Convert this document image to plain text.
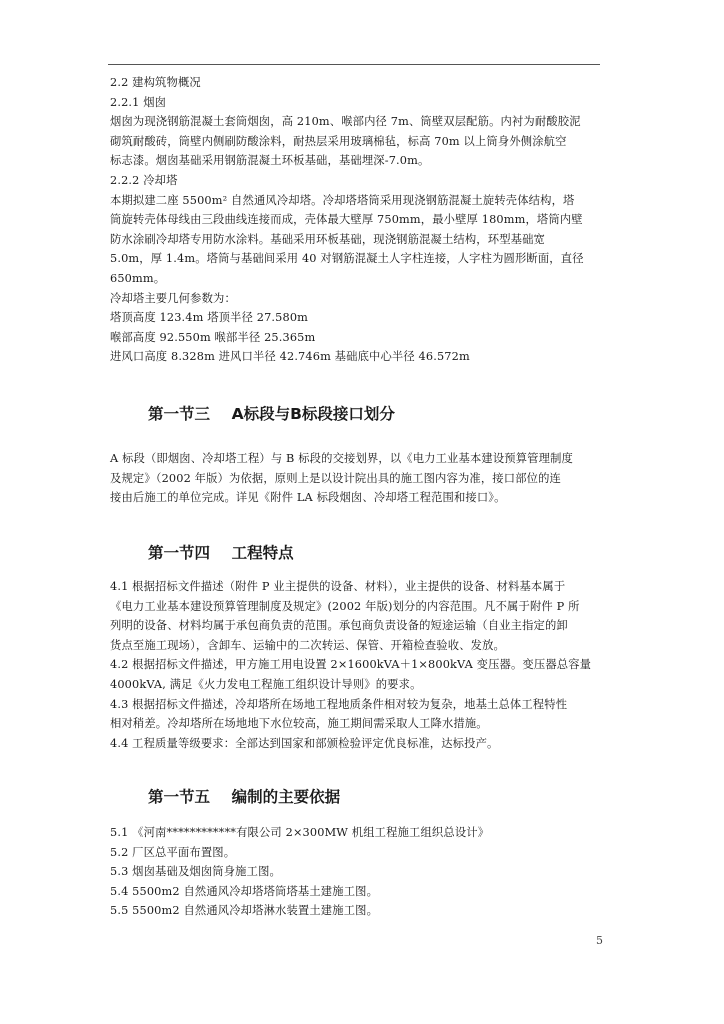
2.2 建构筑物概况
2.2.1 烟囱
烟囱为现浇钢筋混凝土套筒烟囱，高 210m、喉部内径 7m、筒壁双层配筋。内衬为耐酸胶泥
砌筑耐酸砖，筒壁内侧刷防酸涂料，耐热层采用玻璃棉毡，标高 70m 以上筒身外侧涂航空
标志漆。烟囱基础采用钢筋混凝土环板基础，基础埋深-7.0m。
2.2.2 冷却塔
本期拟建二座 5500m² 自然通风冷却塔。冷却塔塔筒采用现浇钢筋混凝土旋转壳体结构，塔
筒旋转壳体母线由三段曲线连接而成，壳体最大壁厚 750mm，最小壁厚 180mm，塔筒内壁
防水涂刷冷却塔专用防水涂料。基础采用环板基础，现浇钢筋混凝土结构，环型基础宽
5.0m，厚 1.4m。塔筒与基础间采用 40 对钢筋混凝土人字柱连接，人字柱为圆形断面，直径
650mm。
冷却塔主要几何参数为：
塔顶高度 123.4m 塔顶半径 27.580m
喉部高度 92.550m 喉部半径 25.365m
进风口高度 8.328m 进风口半径 42.746m 基础底中心半径 46.572m
第一节三    A标段与B标段接口划分
A 标段（即烟囱、冷却塔工程）与 B 标段的交接划界，以《电力工业基本建设预算管理制度
及规定》（2002 年版）为依据，原则上是以设计院出具的施工图内容为准，接口部位的连
接由后施工的单位完成。详见《附件 LA 标段烟囱、冷却塔工程范围和接口》。
第一节四    工程特点
4.1 根据招标文件描述（附件 P 业主提供的设备、材料），业主提供的设备、材料基本属于
《电力工业基本建设预算管理制度及规定》(2002 年版)划分的内容范围。凡不属于附件 P 所
列明的设备、材料均属于承包商负责的范围。承包商负责设备的短途运输（自业主指定的卸
货点至施工现场），含卸车、运输中的二次转运、保管、开箱检查验收、发放。
4.2 根据招标文件描述，甲方施工用电设置 2×1600kVA＋1×800kVA 变压器。变压器总容量
4000kVA, 满足《火力发电工程施工组织设计导则》的要求。
4.3 根据招标文件描述，冷却塔所在场地工程地质条件相对较为复杂，地基土总体工程特性
相对稍差。冷却塔所在场地地下水位较高，施工期间需采取人工降水措施。
4.4 工程质量等级要求：全部达到国家和部颁检验评定优良标准，达标投产。
第一节五    编制的主要依据
5.1 《河南************有限公司 2×300MW 机组工程施工组织总设计》
5.2 厂区总平面布置图。
5.3 烟囱基础及烟囱筒身施工图。
5.4 5500m2 自然通风冷却塔塔筒塔基土建施工图。
5.5 5500m2 自然通风冷却塔淋水装置土建施工图。
5
